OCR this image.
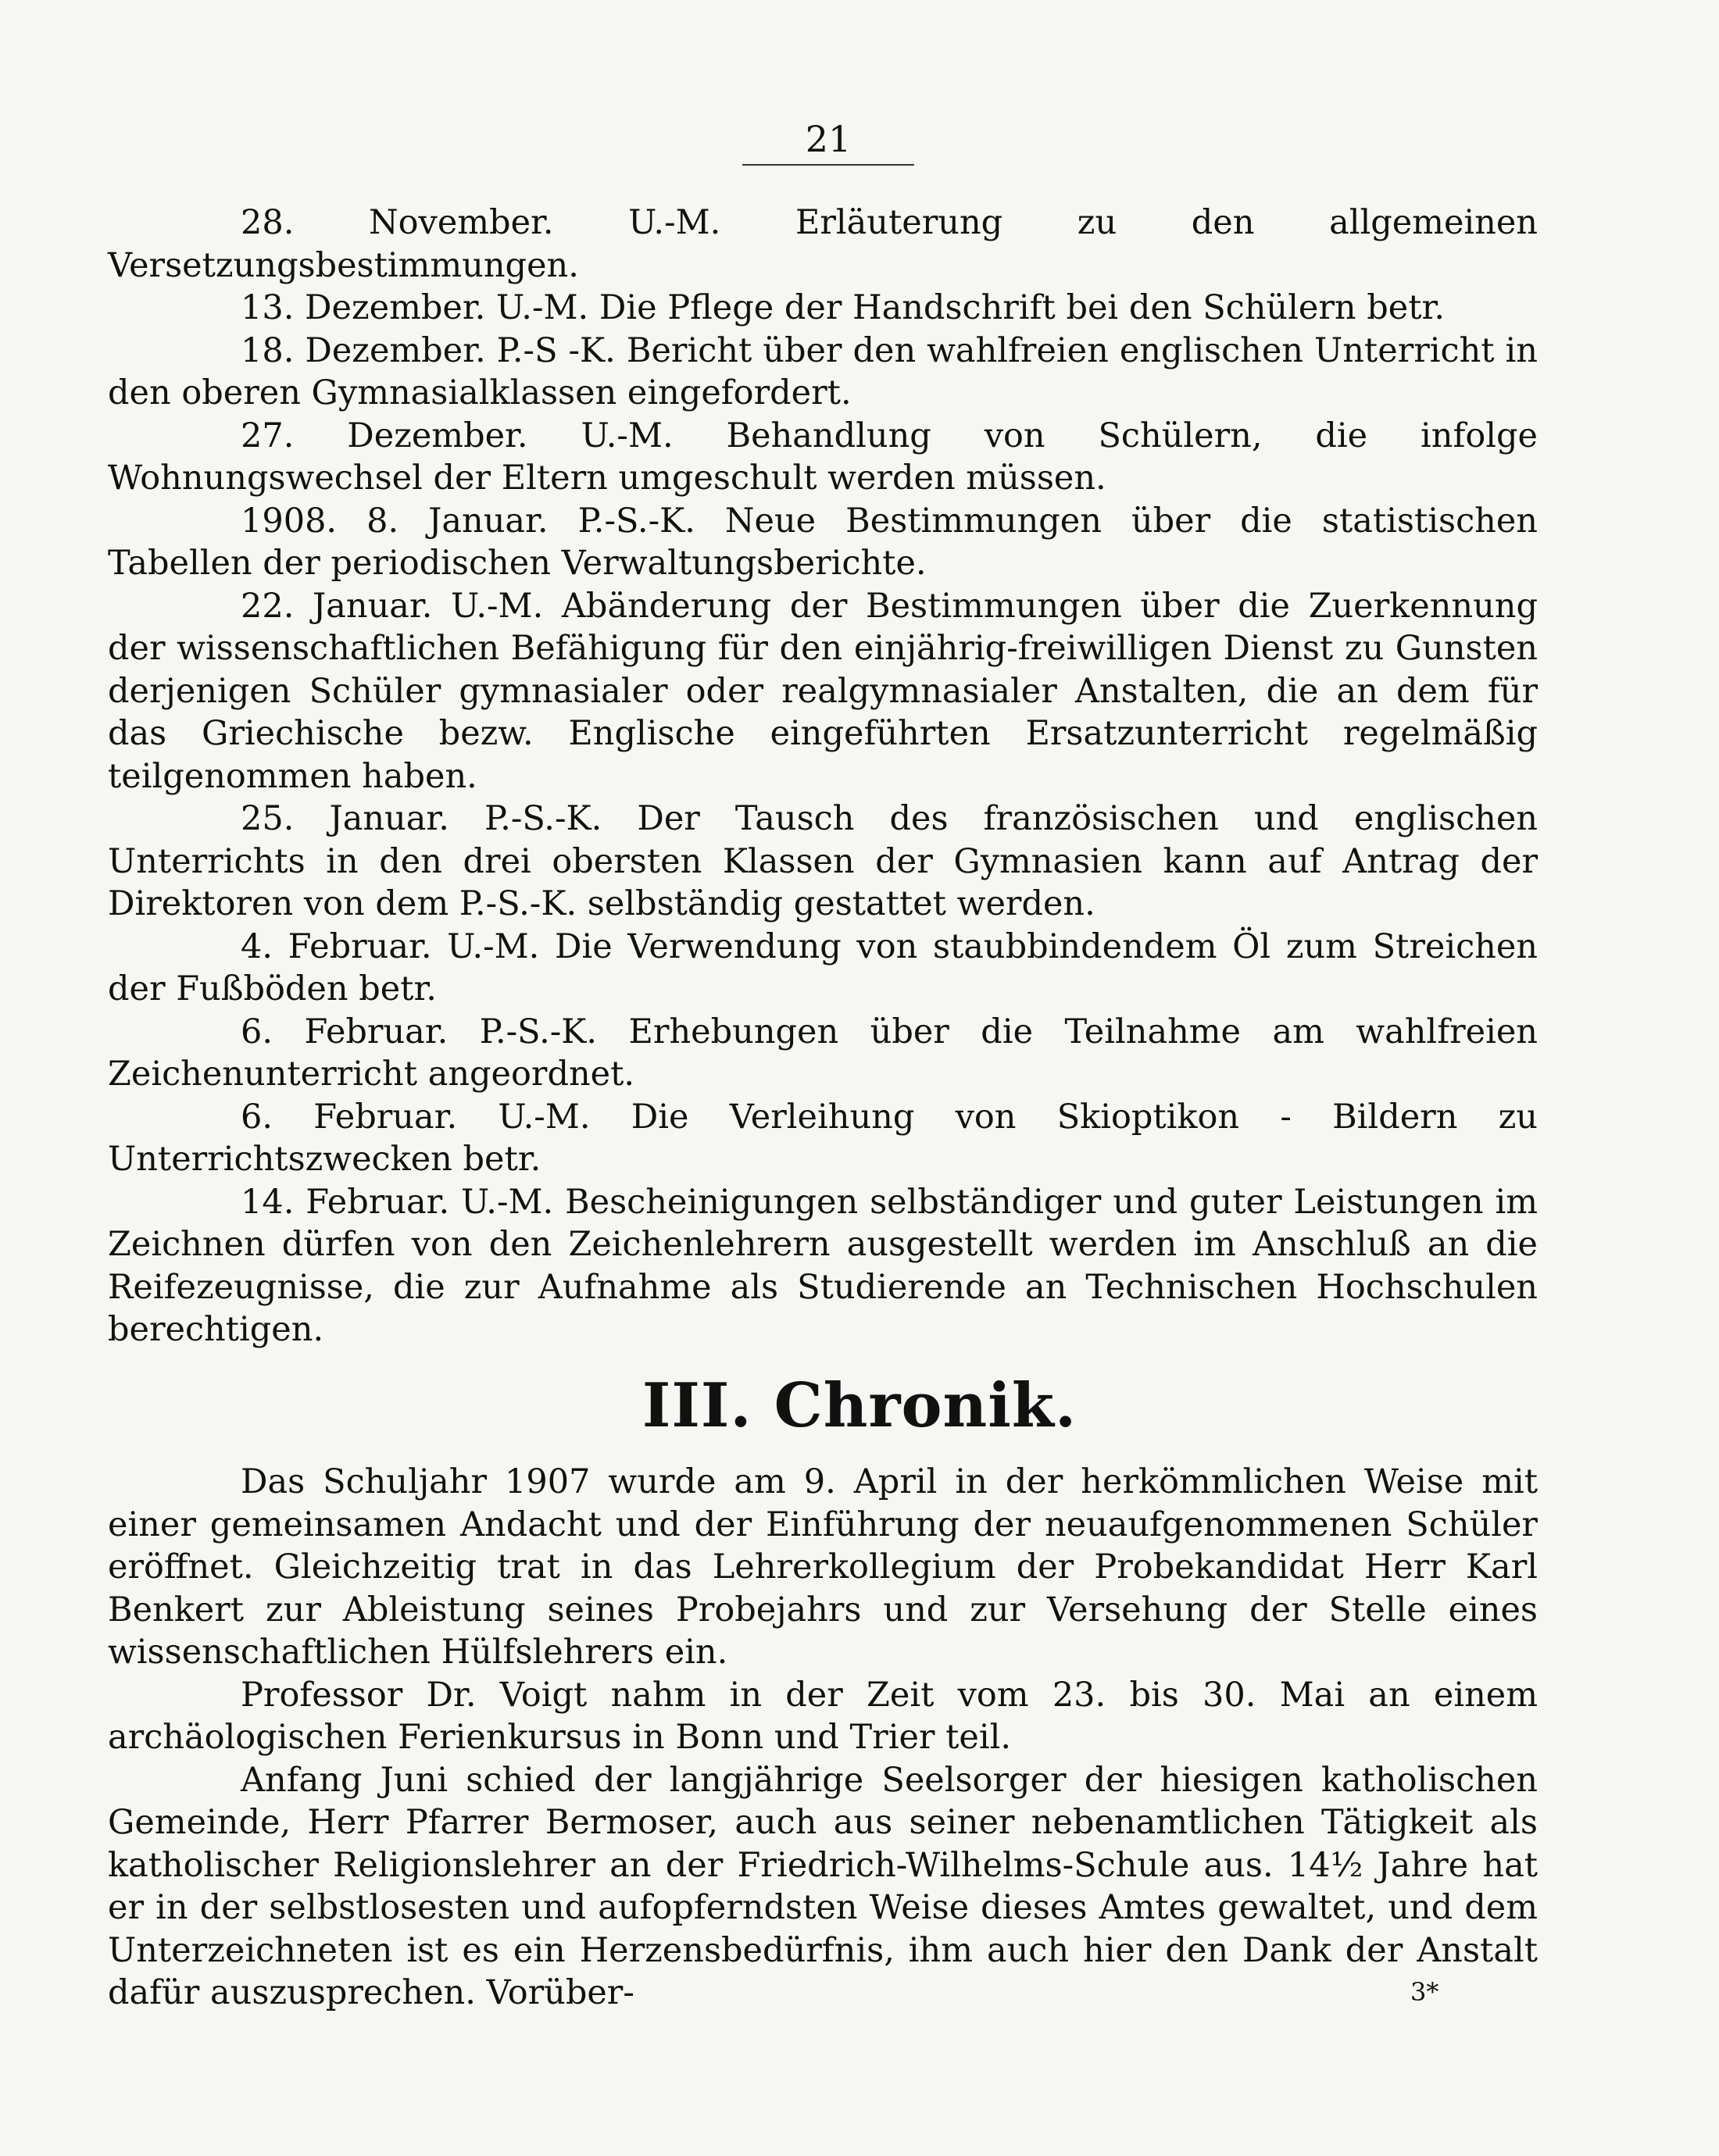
21

28. November. U.-M. Erläuterung zu den allgemeinen Versetzungsbestimmungen.

13. Dezember. U.-M. Die Pflege der Handschrift bei den Schülern betr.

18. Dezember. P.-S -K. Bericht über den wahlfreien englischen Unterricht in den oberen Gymnasialklassen eingefordert.

27. Dezember. U.-M. Behandlung von Schülern, die infolge Wohnungswechsel der Eltern umgeschult werden müssen.

1908. 8. Januar. P.-S.-K. Neue Bestimmungen über die statistischen Tabellen der periodischen Verwaltungsberichte.

22. Januar. U.-M. Abänderung der Bestimmungen über die Zuerkennung der wissenschaftlichen Befähigung für den einjährig-freiwilligen Dienst zu Gunsten derjenigen Schüler gymnasialer oder realgymnasialer Anstalten, die an dem für das Griechische bezw. Englische eingeführten Ersatzunterricht regelmäßig teilgenommen haben.

25. Januar. P.-S.-K. Der Tausch des französischen und englischen Unterrichts in den drei obersten Klassen der Gymnasien kann auf Antrag der Direktoren von dem P.-S.-K. selbständig gestattet werden.

4. Februar. U.-M. Die Verwendung von staubbindendem Öl zum Streichen der Fußböden betr.

6. Februar. P.-S.-K. Erhebungen über die Teilnahme am wahlfreien Zeichenunterricht angeordnet.

6. Februar. U.-M. Die Verleihung von Skioptikon - Bildern zu Unterrichtszwecken betr.

14. Februar. U.-M. Bescheinigungen selbständiger und guter Leistungen im Zeichnen dürfen von den Zeichenlehrern ausgestellt werden im Anschluß an die Reifezeugnisse, die zur Aufnahme als Studierende an Technischen Hochschulen berechtigen.

III. Chronik.

Das Schuljahr 1907 wurde am 9. April in der herkömmlichen Weise mit einer gemeinsamen Andacht und der Einführung der neuaufgenommenen Schüler eröffnet. Gleichzeitig trat in das Lehrerkollegium der Probekandidat Herr Karl Benkert zur Ableistung seines Probejahrs und zur Versehung der Stelle eines wissenschaftlichen Hülfslehrers ein.

Professor Dr. Voigt nahm in der Zeit vom 23. bis 30. Mai an einem archäologischen Ferienkursus in Bonn und Trier teil.

Anfang Juni schied der langjährige Seelsorger der hiesigen katholischen Gemeinde, Herr Pfarrer Bermoser, auch aus seiner nebenamtlichen Tätigkeit als katholischer Religionslehrer an der Friedrich-Wilhelms-Schule aus. 14½ Jahre hat er in der selbstlosesten und aufopferndsten Weise dieses Amtes gewaltet, und dem Unterzeichneten ist es ein Herzensbedürfnis, ihm auch hier den Dank der Anstalt dafür auszusprechen. Vorüber-	3*
